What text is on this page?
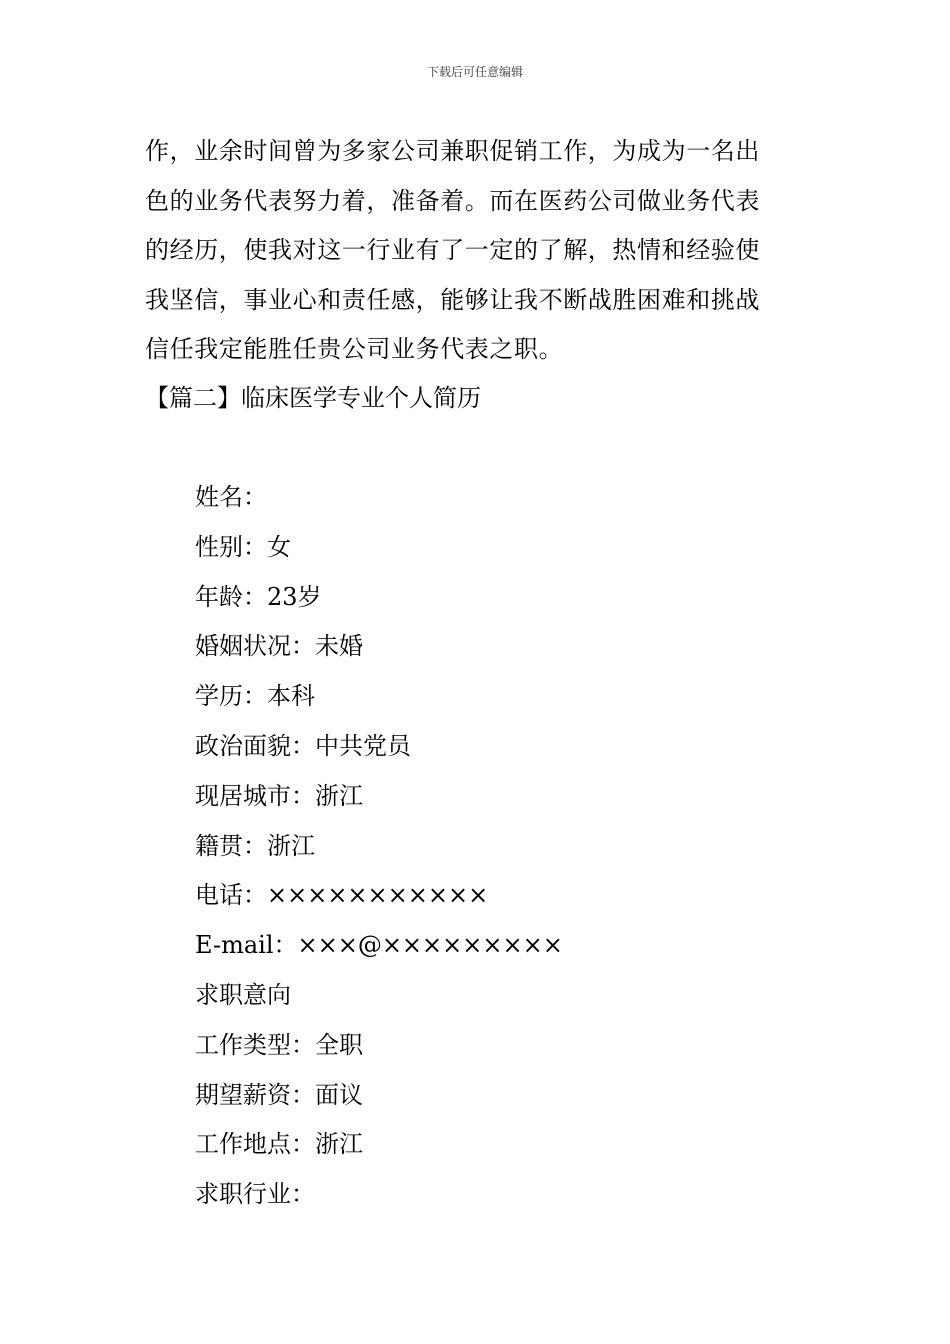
下载后可任意编辑
作，业余时间曾为多家公司兼职促销工作，为成为一名出
色的业务代表努力着，准备着。而在医药公司做业务代表
的经历，使我对这一行业有了一定的了解，热情和经验使
我坚信，事业心和责任感，能够让我不断战胜困难和挑战
信任我定能胜任贵公司业务代表之职。
【篇二】临床医学专业个人简历
姓名：
性别：女
年龄：23岁
婚姻状况：未婚
学历：本科
政治面貌：中共党员
现居城市：浙江
籍贯：浙江
电话：×××××××××××
E-mail：×××@×××××××××
求职意向
工作类型：全职
期望薪资：面议
工作地点：浙江
求职行业：
